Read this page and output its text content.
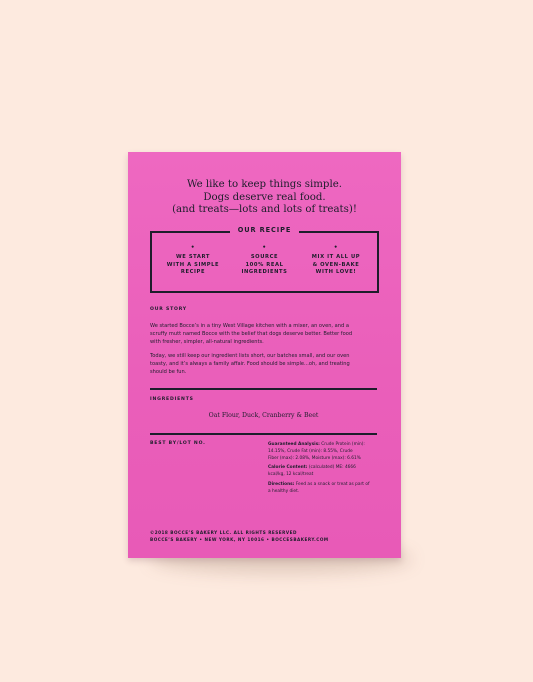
We like to keep things simple.
Dogs deserve real food.
(and treats—lots and lots of treats)!
OUR RECIPE
•
WE START
WITH A SIMPLE
RECIPE
•
SOURCE
100% REAL
INGREDIENTS
•
MIX IT ALL UP
& OVEN-BAKE
WITH LOVE!
OUR STORY
We started Bocce’s in a tiny West Village kitchen with a mixer, an oven, and a
scruffy mutt named Bocce with the belief that dogs deserve better. Better food
with fresher, simpler, all-natural ingredients.
Today, we still keep our ingredient lists short, our batches small, and our oven
toasty, and it’s always a family affair. Food should be simple...oh, and treating
should be fun.
INGREDIENTS
Oat Flour, Duck, Cranberry & Beet
BEST BY/LOT NO.	Guaranteed Analysis: Crude Protein (min):
14.15%, Crude Fat (min): 8.55%, Crude
Fiber (max): 2.08%, Moisture (max): 6.61%
Calorie Content: (calculated) ME: 4666
kcal/kg, 12 kcal/treat
Directions: Feed as a snack or treat as part of
a healthy diet.
©2018 BOCCE’S BAKERY LLC. ALL RIGHTS RESERVED
BOCCE’S BAKERY • NEW YORK, NY 10016 • BOCCESBAKERY.COM
